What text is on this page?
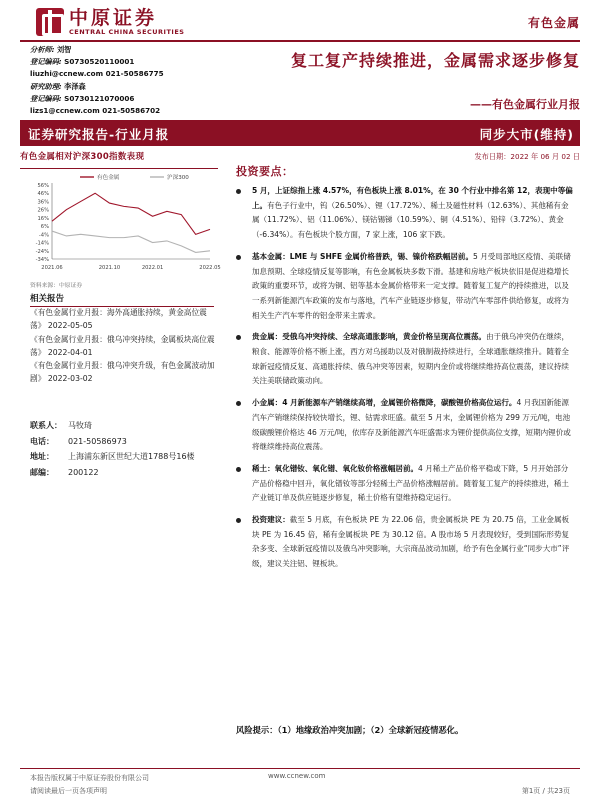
中原证券
CENTRAL CHINA SECURITIES
有色金属
分析师: 刘智
登记编码: S0730520110001
liuzhi@ccnew.com 021-50586775
研究助理: 李泽森
登记编码: S0730121070006
lizs1@ccnew.com 021-50586702
复工复产持续推进，金属需求逐步修复
——有色金属行业月报
证券研究报告-行业月报	同步大市(维持)
有色金属相对沪深300指数表现	发布日期：2022 年 06 月 02 日
56%
46%
36%
26%
16%
6%
-4%
-14%
-24%
-34%
2021.06	2021.10	2022.01	2022.05
有色金属	沪深300
资料来源：中原证券
相关报告

《有色金属行业月报：海外高通胀持续，黄金高位震荡》 2022-05-05

《有色金属行业月报：俄乌冲突持续，金属板块高位震荡》 2022-04-01

《有色金属行业月报：俄乌冲突升级，有色金属波动加剧》 2022-03-02

联系人： 马牧琦
电话：	021-50586973
地址：	上海浦东新区世纪大道1788号16楼
邮编：	200122
投资要点：
5 月，上证综指上涨 4.57%，有色板块上涨 8.01%，在 30 个行业中排名第 12，表现中等偏上。有色子行业中，钨（26.50%）、锂（17.72%）、稀土及磁性材料（12.63%）、其他稀有金属（11.72%）、铝（11.06%）、镁钴锡锑（10.59%）、铜（4.51%）、铅锌（3.72%）、黄金（-6.34%）。有色板块个股方面，7 家上涨，106 家下跌。
基本金属：LME 与 SHFE 金属价格普跌，锡、镍价格跌幅居前。5 月受局部地区疫情、美联储加息预期、全球疫情反复等影响，有色金属板块多数下滑。基建和房地产板块依旧是促进稳增长政策的重要环节，或将为铜、铝等基本金属价格带来一定支撑。随着复工复产的持续推进，以及一系列新能源汽车政策的发布与落地，汽车产业链逐步修复，带动汽车零部件供给修复，或将为相关生产汽车零件的铝金带来主需求。
贵金属：受俄乌冲突持续、全球高通胀影响，黄金价格呈现高位震荡。由于俄乌冲突仍在继续，粮食、能源等价格不断上涨，西方对乌援助以及对俄制裁持续进行，全球通胀继续推升。随着全球新冠疫情反复、高通胀持续、俄乌冲突等因素，短期内金价或将继续维持高位震荡，建议持续关注美联储政策动向。
小金属：4 月新能源车产销继续高增，金属锂价格微降，碳酸锂价格高位运行。4 月我国新能源汽车产销继续保持较快增长，锂、钴需求旺盛。截至 5 月末，金属锂价格为 299 万元/吨，电池级碳酸锂价格达 46 万元/吨，依库存及新能源汽车旺盛需求为锂价提供高位支撑，短期内锂价或将继续维持高位震荡。
稀土：氧化镨钕、氧化镨、氧化钕价格涨幅居前。4 月稀土产品价格平稳或下降，5 月开始部分产品价格稳中回升，氧化镨钕等部分轻稀土产品价格涨幅居前。随着复工复产的持续推进，稀土产业链订单及供应链逐步修复，稀土价格有望维持稳定运行。
投资建议：截至 5 月底，有色板块 PE 为 22.06 倍，贵金属板块 PE 为 20.75 倍，工业金属板块 PE 为 16.45 倍，稀有金属板块 PE 为 30.12 倍。A 股市场 5 月表现较好，受到国际形势复杂多变、全球新冠疫情以及俄乌冲突影响，大宗商品波动加剧，给予有色金属行业“同步大市”评级，建议关注铝、锂板块。
风险提示：（1）地缘政治冲突加剧；（2）全球新冠疫情恶化。
本报告版权属于中原证券股份有限公司
请阅读最后一页各项声明
www.ccnew.com
第1页 / 共23页
